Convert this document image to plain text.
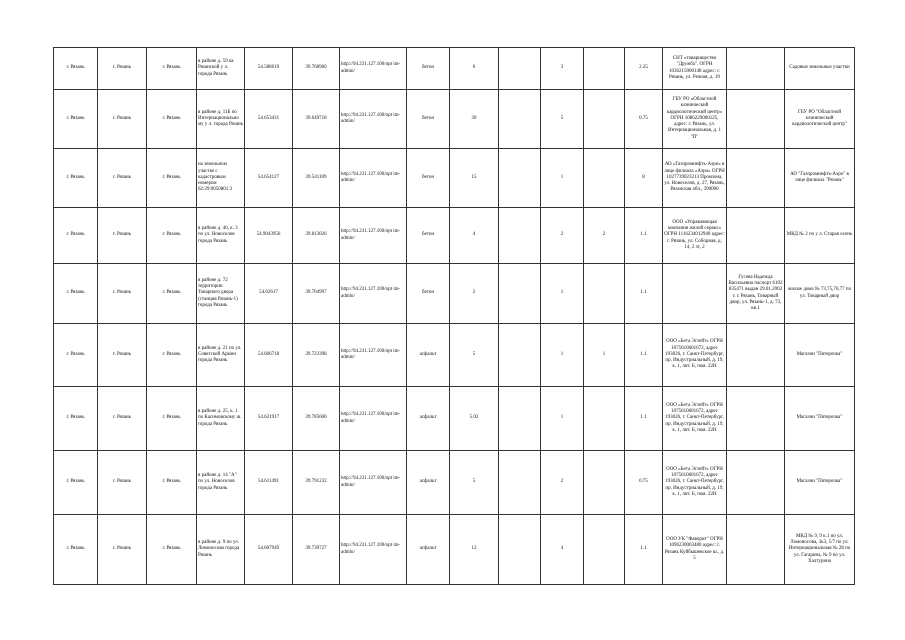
г. Рязань	г. Рязань	г. Рязань	в районе д. 59 ка Рязанской у л. города Рязань	54.588619	39.768960	http://94.231.127.100/opt im-admin/	бетон	6		3		2.25	СНТ «товарищество "Дружба". ОГРН 1036215000148 адрес: г. Рязань, ул. Речная, д. 19		Садовые земельные участки
г. Рязань	г. Рязань	г. Рязань	в районе д. 11Б по Интернационально му у л. города Рязань	54.653431	39.649718	http://94.231.127.100/opt im-admin/	бетон	30		5		0.75	ГБУ РО «Областной клинический кардиологический центр» ОГРН 1086229000125, адрес: г. Рязань, ул. Интернациональная, д. 1 "П"		ГБУ РО "Областной клинический кардиологический центр"
г. Рязань	г. Рязань	г. Рязань	на земельном участке с кадастровым номером 62:29:0050801:3	54.654127	39.541109	http://94.231.127.100/opt im-admin/	бетон	15		1		8	АО «Газпромнефть-Аэро» в лице филиала «Аэро» ОГРН 1027739023213 Промзона, ул. Новоселов, д. 27, Рязань, Рязанская обл., 390000		АО "Газпромнефть-Аэро" в лице филиала "Рязань"
г. Рязань	г. Рязань	г. Рязань	в районе д. 46, к. 3 по ул. Новоселов города Рязань	54.9043956	39.813026	http://94.231.127.100/opt im-admin/	бетон	4		2	2	1.1	ООО «Управляющая компания жилой сервис» ОГРН 1116234012940 адрес: г. Рязань, ул. Соборная, д. 14, 2 эт, 2		МКД № 2 по у л. Старая осень
г. Рязань	г. Рязань	г. Рязань	в районе д. 72 территории Товарного двора (станция Рязань-1) города Рязань	54.62617	39.704997	http://94.231.127.100/opt im-admin/	бетон	2		1		1.1		Гусева Надежда Васильевна паспорт 6102 835471 выдан 29.01.2002 г. г. Рязань, Товарный двор, ул. Рязань-1, д. 73, кв.1	жилые дома № 73,75,76,77 по ул. Товарный двор
г. Рязань	г. Рязань	г. Рязань	в районе д. 21 по ул. Советской Армии города Рязань	54.666718	39.723398	http://94.231.127.100/opt im-admin/	асфальт	5		1	1	1.1	ООО «Бета Эстейт» ОГРН 1075610601672, адрес 193026, г. Санкт-Петербург, пр. Индустриальный, д. 19, к. 1, лит. Б, пом. 22Н		Магазин "Пятерочка"
г. Рязань	г. Рязань	г. Рязань	в районе д. 25, к. 1 по Касимовскому ш. города Рязань	54.621917	39.785600	http://94.231.127.100/opt im-admin/	асфальт	5.02		1		1.1	ООО «Бета Эстейт» ОГРН 1075610601672, адрес 193026, г. Санкт-Петербург, пр. Индустриальный, д. 19, к. 1, лит. Б, пом. 22Н		Магазин "Пятерочка"
г. Рязань	г. Рязань	г. Рязань	в районе д. 14 "А" по ул. Новоселов города Рязань	54.611491	39.791232	http://94.231.127.100/opt im-admin/	асфальт	5		2		0.75	ООО «Бета Эстейт» ОГРН 1075610601672, адрес 193026, г. Санкт-Петербург, пр. Индустриальный, д. 19, к. 1, лит. Б, пом. 22Н		Магазин "Пятерочка"
г. Рязань	г. Рязань	г. Рязань	в районе д. 9 по ул. Ломоносова города Рязань	54.607949	39.739727	http://94.231.127.100/opt im-admin/	асфальт	12		4		1.1	ООО УК "Фаворит" ОГРН 1096230003480 адрес: г. Рязань Куйбышевское ш., д. 5		МКД № 9, 9 к.1 по ул. Ломоносова, 3к3, 5/7 по ул. Интернациональная № 28 по ул. Гагарина, № 9 по ул. Халтурина
